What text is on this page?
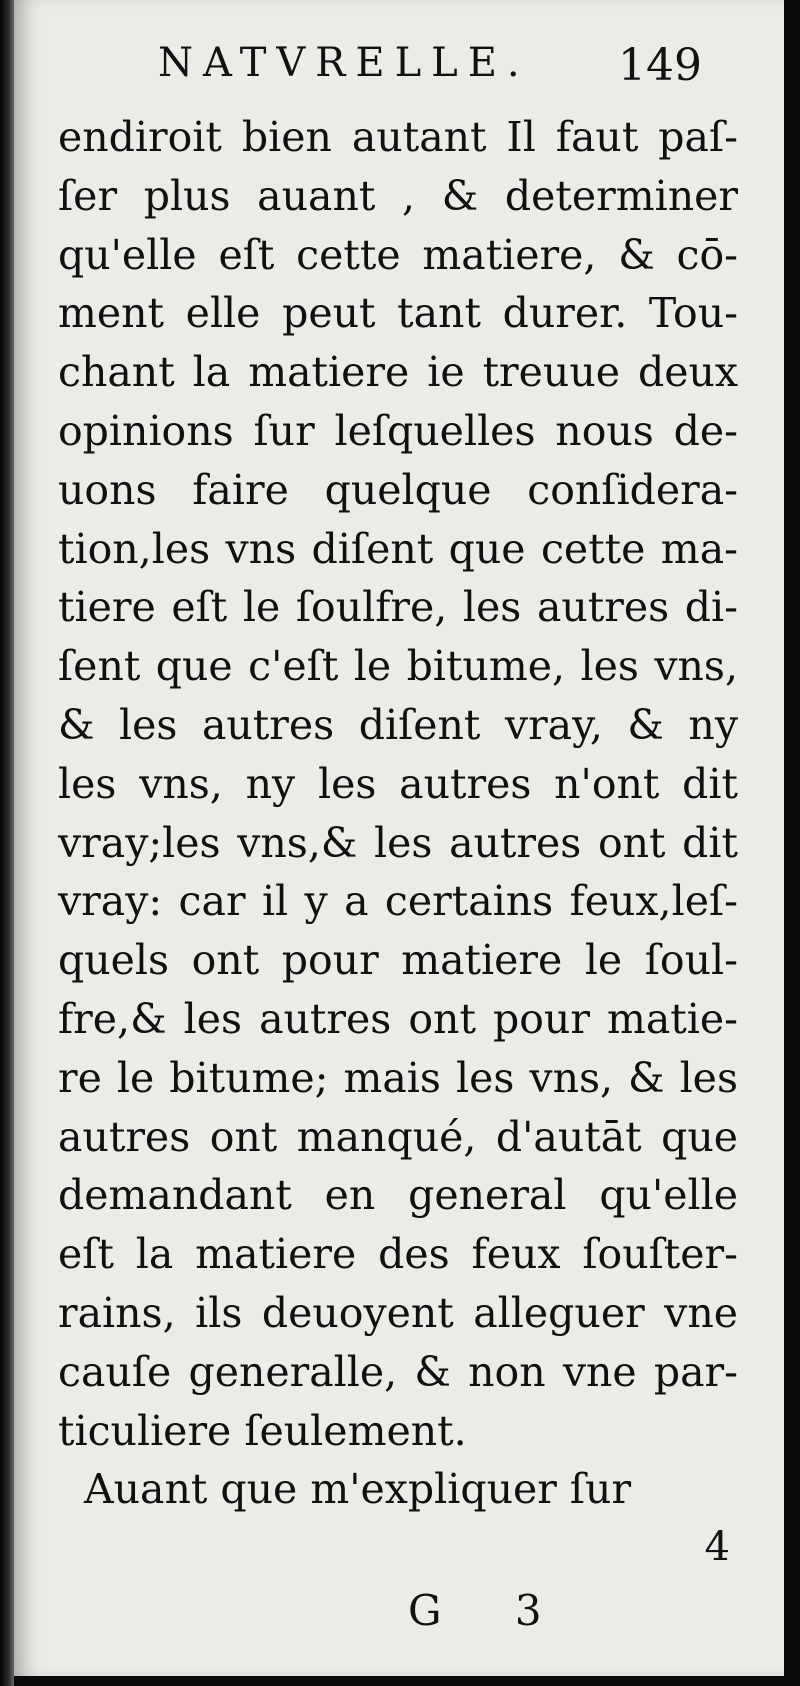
NATVRELLE. 149
endiroit bien autant Il faut paſ-
ſer plus auant , & determiner
qu'elle eſt cette matiere, & cō-
ment elle peut tant durer. Tou-
chant la matiere ie treuue deux
opinions ſur leſquelles nous de-
uons faire quelque conſidera-
tion,les vns diſent que cette ma-
tiere eſt le ſoulfre, les autres di-
ſent que c'eſt le bitume, les vns,
& les autres diſent vray, & ny
les vns, ny les autres n'ont dit
vray;les vns,& les autres ont dit
vray: car il y a certains feux,leſ-
quels ont pour matiere le ſoul-
fre,& les autres ont pour matie-
re le bitume; mais les vns, & les
autres ont manqué, d'autāt que
demandant en general qu'elle
eſt la matiere des feux ſouſter-
rains, ils deuoyent alleguer vne
cauſe generalle, & non vne par-
ticuliere ſeulement.
Auant que m'expliquer ſur
4
G 3
